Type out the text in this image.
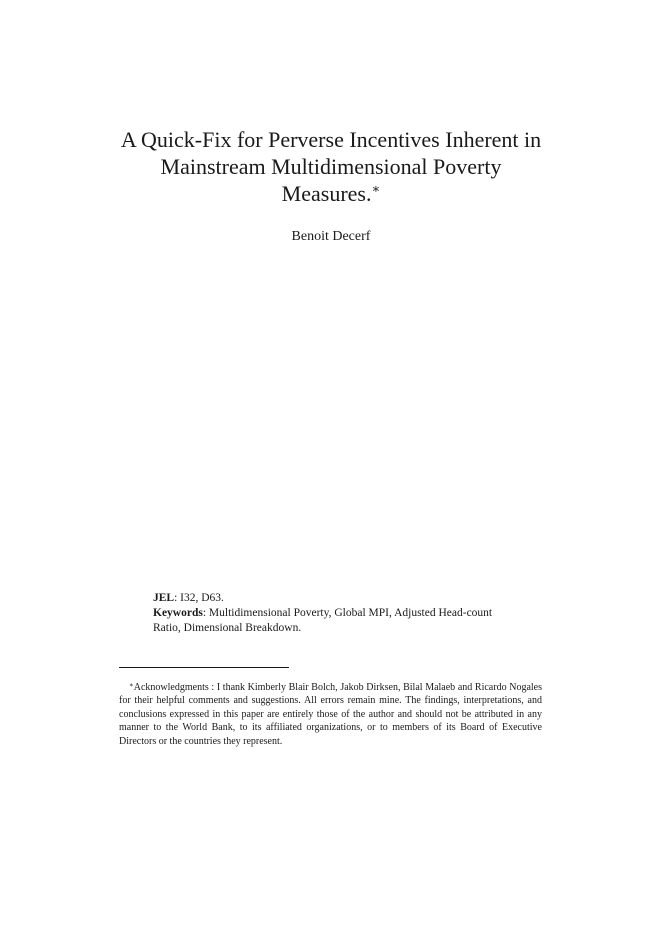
A Quick-Fix for Perverse Incentives Inherent in Mainstream Multidimensional Poverty Measures.∗
Benoit Decerf

JEL: I32, D63.

Keywords: Multidimensional Poverty, Global MPI, Adjusted Head-count Ratio, Dimensional Breakdown.

∗Acknowledgments : I thank Kimberly Blair Bolch, Jakob Dirksen, Bilal Malaeb and Ricardo Nogales for their helpful comments and suggestions. All errors remain mine. The findings, interpretations, and conclusions expressed in this paper are entirely those of the author and should not be attributed in any manner to the World Bank, to its affiliated organizations, or to members of its Board of Executive Directors or the countries they represent.
